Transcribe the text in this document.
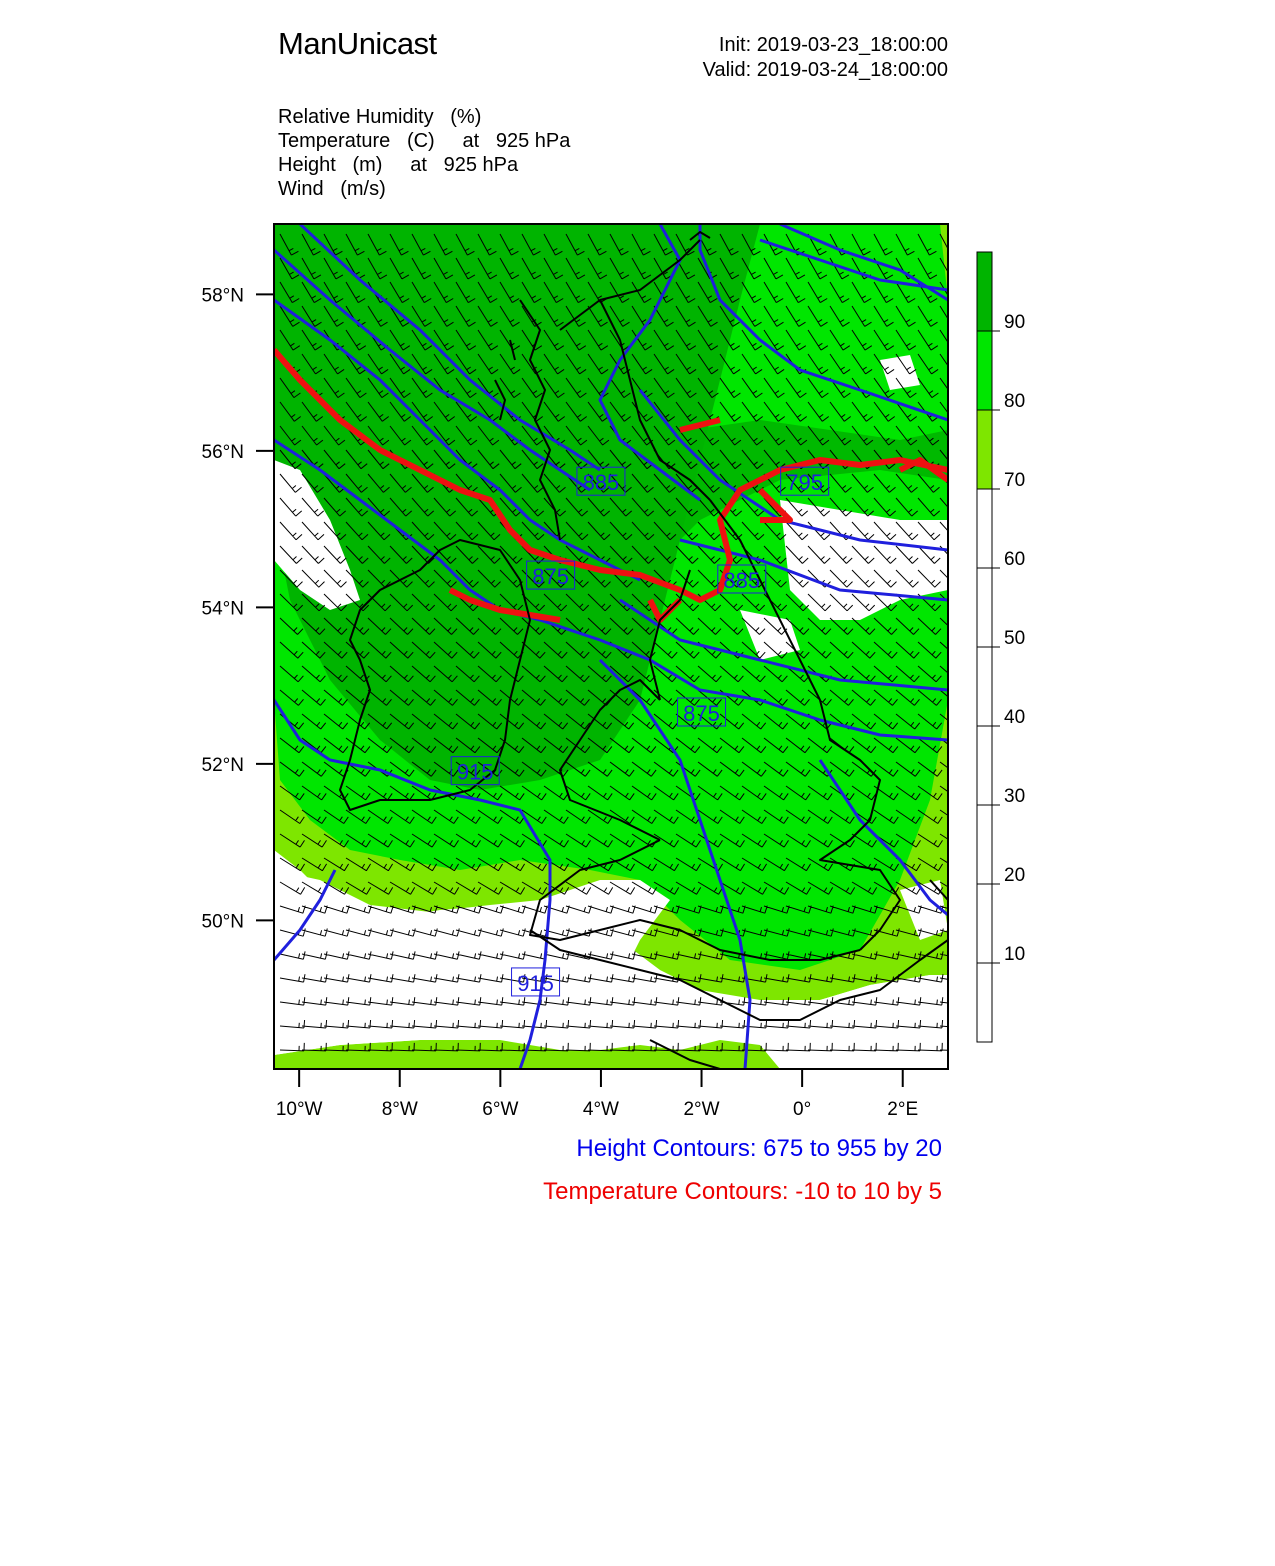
ManUnicast	Init: 2019-03-23_18:00:00
Valid: 2019-03-24_18:00:00
Relative Humidity   (%)
Temperature   (C)     at   925 hPa
Height   (m)     at   925 hPa
Wind   (m/s)
58°N
56°N
54°N
52°N
50°N
10°W	8°W	6°W	4°W	2°W	0°	2°E
875
875
885
885
795
915
915
90
80
70
60
50
40
30
20
10
Height Contours: 675 to 955 by 20
Temperature Contours: -10 to 10 by 5
